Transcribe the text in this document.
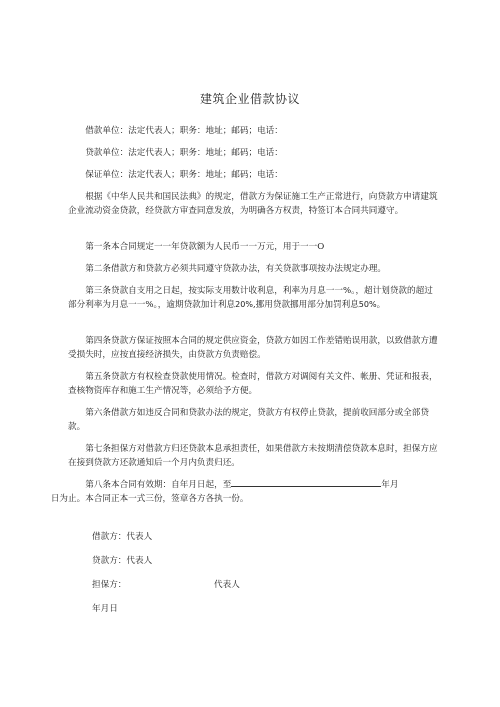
建筑企业借款协议

借款单位：法定代表人；职务：地址；邮码；电话：

贷款单位：法定代表人；职务：地址；邮码；电话：

保证单位：法定代表人；职务：地址；邮码；电话：

根据《中华人民共和国民法典》的规定，借款方为保证施工生产正常进行，向贷款方申请建筑企业流动资金贷款，经贷款方审查同意发放，为明确各方权责，特签订本合同共同遵守。

第一条本合同规定一一年贷款额为人民币一一万元，用于一一O

第二条借款方和贷款方必须共同遵守贷款办法，有关贷款事项按办法规定办理。

第三条贷款自支用之日起，按实际支用数计收利息，利率为月息一一%。，超计划贷款的超过部分利率为月息一一%。，逾期贷款加计利息20%,挪用贷款挪用部分加罚利息50%。

第四条贷款方保证按照本合同的规定供应资金，贷款方如因工作差错贻误用款，以致借款方遭受损失时，应按直接经济损失，由贷款方负责赔偿。

第五条贷款方有权检查贷款使用情况。检查时，借款方对调阅有关文件、帐册、凭证和报表，查核物资库存和施工生产情况等，必须给予方便。

第六条借款方如违反合同和贷款办法的规定，贷款方有权停止贷款，提前收回部分或全部贷款。

第七条担保方对借款方归还贷款本息承担责任，如果借款方未按期清偿贷款本息时，担保方应在接到贷款方还款通知后一个月内负责归还。

第八条本合同有效期：自年月日起，至	年月
日为止。本合同正本一式三份，签章各方各执一份。

借款方：代表人

贷款方：代表人

担保方：	代表人

年月日
